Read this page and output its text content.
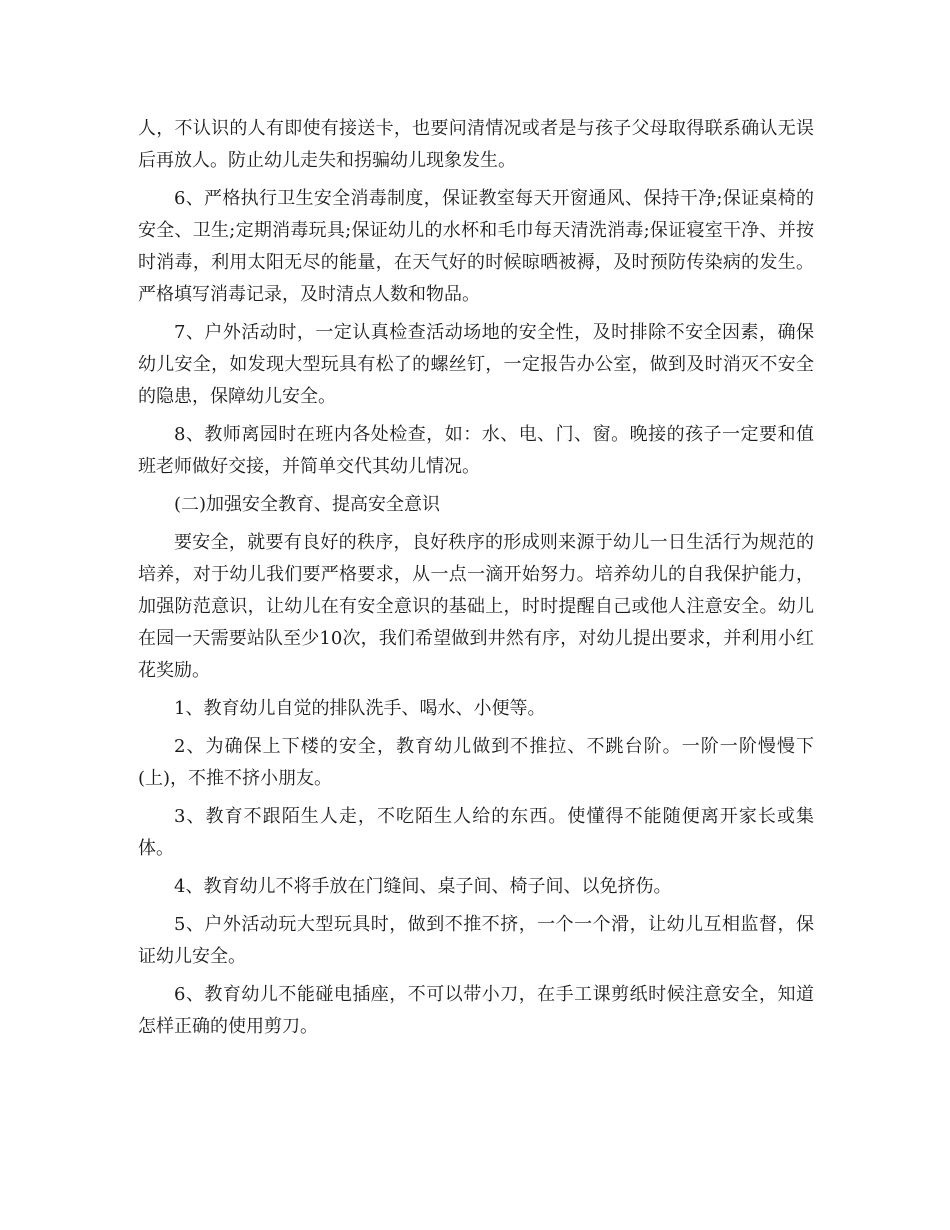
人，不认识的人有即使有接送卡，也要问清情况或者是与孩子父母取得联系确认无误后再放人。防止幼儿走失和拐骗幼儿现象发生。

6、严格执行卫生安全消毒制度，保证教室每天开窗通风、保持干净;保证桌椅的安全、卫生;定期消毒玩具;保证幼儿的水杯和毛巾每天清洗消毒;保证寝室干净、并按时消毒，利用太阳无尽的能量，在天气好的时候晾晒被褥，及时预防传染病的发生。严格填写消毒记录，及时清点人数和物品。

7、户外活动时，一定认真检查活动场地的安全性，及时排除不安全因素，确保幼儿安全，如发现大型玩具有松了的螺丝钉，一定报告办公室，做到及时消灭不安全的隐患，保障幼儿安全。

8、教师离园时在班内各处检查，如：水、电、门、窗。晚接的孩子一定要和值班老师做好交接，并简单交代其幼儿情况。

(二)加强安全教育、提高安全意识

要安全，就要有良好的秩序，良好秩序的形成则来源于幼儿一日生活行为规范的培养，对于幼儿我们要严格要求，从一点一滴开始努力。培养幼儿的自我保护能力，加强防范意识，让幼儿在有安全意识的基础上，时时提醒自己或他人注意安全。幼儿在园一天需要站队至少10次，我们希望做到井然有序，对幼儿提出要求，并利用小红花奖励。

1、教育幼儿自觉的排队洗手、喝水、小便等。

2、为确保上下楼的安全，教育幼儿做到不推拉、不跳台阶。一阶一阶慢慢下(上)，不推不挤小朋友。

3、教育不跟陌生人走，不吃陌生人给的东西。使懂得不能随便离开家长或集体。

4、教育幼儿不将手放在门缝间、桌子间、椅子间、以免挤伤。

5、户外活动玩大型玩具时，做到不推不挤，一个一个滑，让幼儿互相监督，保证幼儿安全。

6、教育幼儿不能碰电插座，不可以带小刀，在手工课剪纸时候注意安全，知道怎样正确的使用剪刀。
